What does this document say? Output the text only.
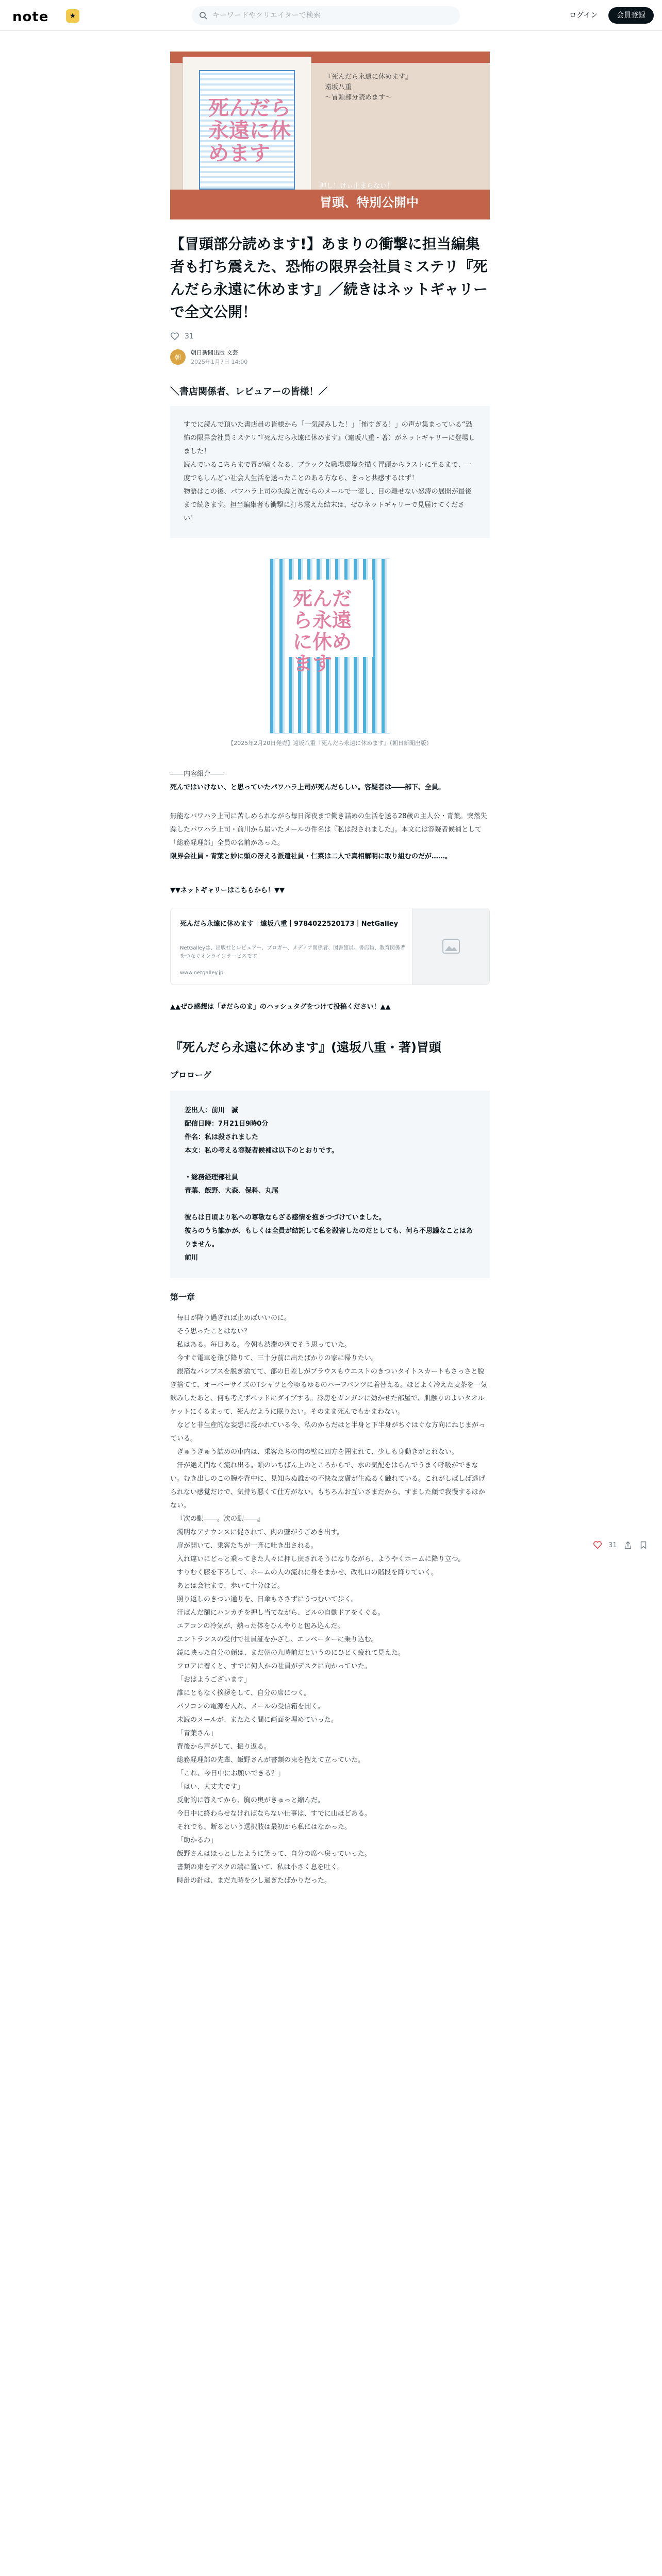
note	★
キーワードやクリエイターで検索	ログイン	会員登録
死んだら永遠に休めます
『死んだら永遠に休めます』
遠坂八重
〜冒頭部分読めます〜
押し！けぃ止まらない！
冒頭、特別公開中
【冒頭部分読めます!】あまりの衝撃に担当編集者も打ち震えた、恐怖の限界会社員ミステリ『死んだら永遠に休めます』／続きはネットギャリーで全文公開！
31
朝
朝日新聞出版 文芸
2025年1月7日 14:00
＼書店関係者、レビュアーの皆様！／

すでに読んで頂いた書店員の皆様から「一気読みした！」「怖すぎる！」の声が集まっている“恐怖の限界会社員ミステリ”『死んだら永遠に休めます』（遠坂八重・著）がネットギャリーに登場しました！

読んでいるこちらまで胃が痛くなる、ブラックな職場環境を描く冒頭からラストに至るまで、一度でもしんどい社会人生活を送ったことのある方なら、きっと共感するはず！

物語はこの後、パワハラ上司の失踪と彼からのメールで一変し、目の離せない怒涛の展開が最後まで続きます。担当編集者も衝撃に打ち震えた結末は、ぜひネットギャリーで見届けてください！

死んだら永遠に休めます
【2025年2月20日発売】遠坂八重『死んだら永遠に休めます』（朝日新聞出版）
――内容紹介――
死んではいけない、と思っていたパワハラ上司が死んだらしい。容疑者は――部下、全員。
無能なパワハラ上司に苦しめられながら毎日深夜まで働き詰めの生活を送る28歳の主人公・青葉。突然失踪したパワハラ上司・前川から届いたメールの件名は『私は殺されました』。本文には容疑者候補として「総務経理部」全員の名前があった。
限界会社員・青葉と妙に頭の冴える派遣社員・仁菜は二人で真相解明に取り組むのだが……。
▼▼ネットギャリーはこちらから！▼▼
死んだら永遠に休めます｜遠坂八重｜9784022520173｜NetGalley
NetGalleyは、出版社とレビュアー、ブロガー、メディア関係者、図書館員、書店員、教育関係者をつなぐオンラインサービスです。
www.netgalley.jp
▲▲ぜひ感想は「#だらのま」のハッシュタグをつけて投稿ください！▲▲
『死んだら永遠に休めます』(遠坂八重・著)冒頭
プロローグ
差出人：前川　誠
配信日時：7月21日9時0分
件名：私は殺されました
本文：私の考える容疑者候補は以下のとおりです。

・総務経理部社員
青葉、飯野、大森、保科、丸尾

彼らは日頃より私への尊敬ならざる感情を抱きつづけていました。
彼らのうち誰かが、もしくは全員が結託して私を殺害したのだとしても、何ら不思議なことはありません。
前川
第一章
毎日が降り過ぎれば止めばいいのに。
そう思ったことはない？
私はある。毎日ある。今朝も渋滞の列でそう思っていた。
今すぐ電車を飛び降りて、三十分前に出たばかりの家に帰りたい。
銀箔なパンプスを脱ぎ捨てて、部の日差しがブラウスもウエストのきついタイトスカートもさっさと脱ぎ捨てて、オーバーサイズのTシャツと今ゆるゆるのハーフパンツに着替える。ほどよく冷えた麦茶を一気飲みしたあと、何も考えずベッドにダイブする。冷房をガンガンに効かせた部屋で、肌触りのよいタオルケットにくるまって、死んだように眠りたい。そのまま死んでもかまわない。
などと非生産的な妄想に浸かれている今、私のからだはと半身と下半身がちぐはぐな方向にねじまがっている。
ぎゅうぎゅう詰めの車内は、乗客たちの肉の壁に四方を囲まれて、少しも身動きがとれない。
汗が絶え間なく流れ出る。頭のいちばん上のところからで、水の気配をはらんでうまく呼吸ができない。むき出しのこの腕や背中に、見知らぬ誰かの不快な皮膚が生ぬるく触れている。これがしばしば逃げられない感覚だけで、気持ち悪くて仕方がない。もちろんお互いさまだから、すました顔で我慢するほかない。
『次の駅――。次の駅――』
濁明なアナウンスに促されて、肉の壁がうごめき出す。
扉が開いて、乗客たちが一斉に吐き出される。
入れ違いにどっと乗ってきた人々に押し戻されそうになりながら、ようやくホームに降り立つ。
すりむく膝を下ろして、ホームの人の流れに身をまかせ、改札口の階段を降りていく。
あとは会社まで、歩いて十分ほど。
照り返しのきつい通りを、日傘もささずにうつむいて歩く。
汗ばんだ額にハンカチを押し当てながら、ビルの自動ドアをくぐる。
エアコンの冷気が、熱った体をひんやりと包み込んだ。
エントランスの受付で社員証をかざし、エレベーターに乗り込む。
鏡に映った自分の顔は、まだ朝の九時前だというのにひどく疲れて見えた。
フロアに着くと、すでに何人かの社員がデスクに向かっていた。
「おはようございます」
誰にともなく挨拶をして、自分の席につく。
パソコンの電源を入れ、メールの受信箱を開く。
未読のメールが、またたく間に画面を埋めていった。
「青葉さん」
背後から声がして、振り返る。
総務経理部の先輩、飯野さんが書類の束を抱えて立っていた。
「これ、今日中にお願いできる？」
「はい、大丈夫です」
反射的に答えてから、胸の奥がきゅっと縮んだ。
今日中に終わらせなければならない仕事は、すでに山ほどある。
それでも、断るという選択肢は最初から私にはなかった。
「助かるわ」
飯野さんはほっとしたように笑って、自分の席へ戻っていった。
書類の束をデスクの端に置いて、私は小さく息を吐く。
時計の針は、まだ九時を少し過ぎたばかりだった。
31
